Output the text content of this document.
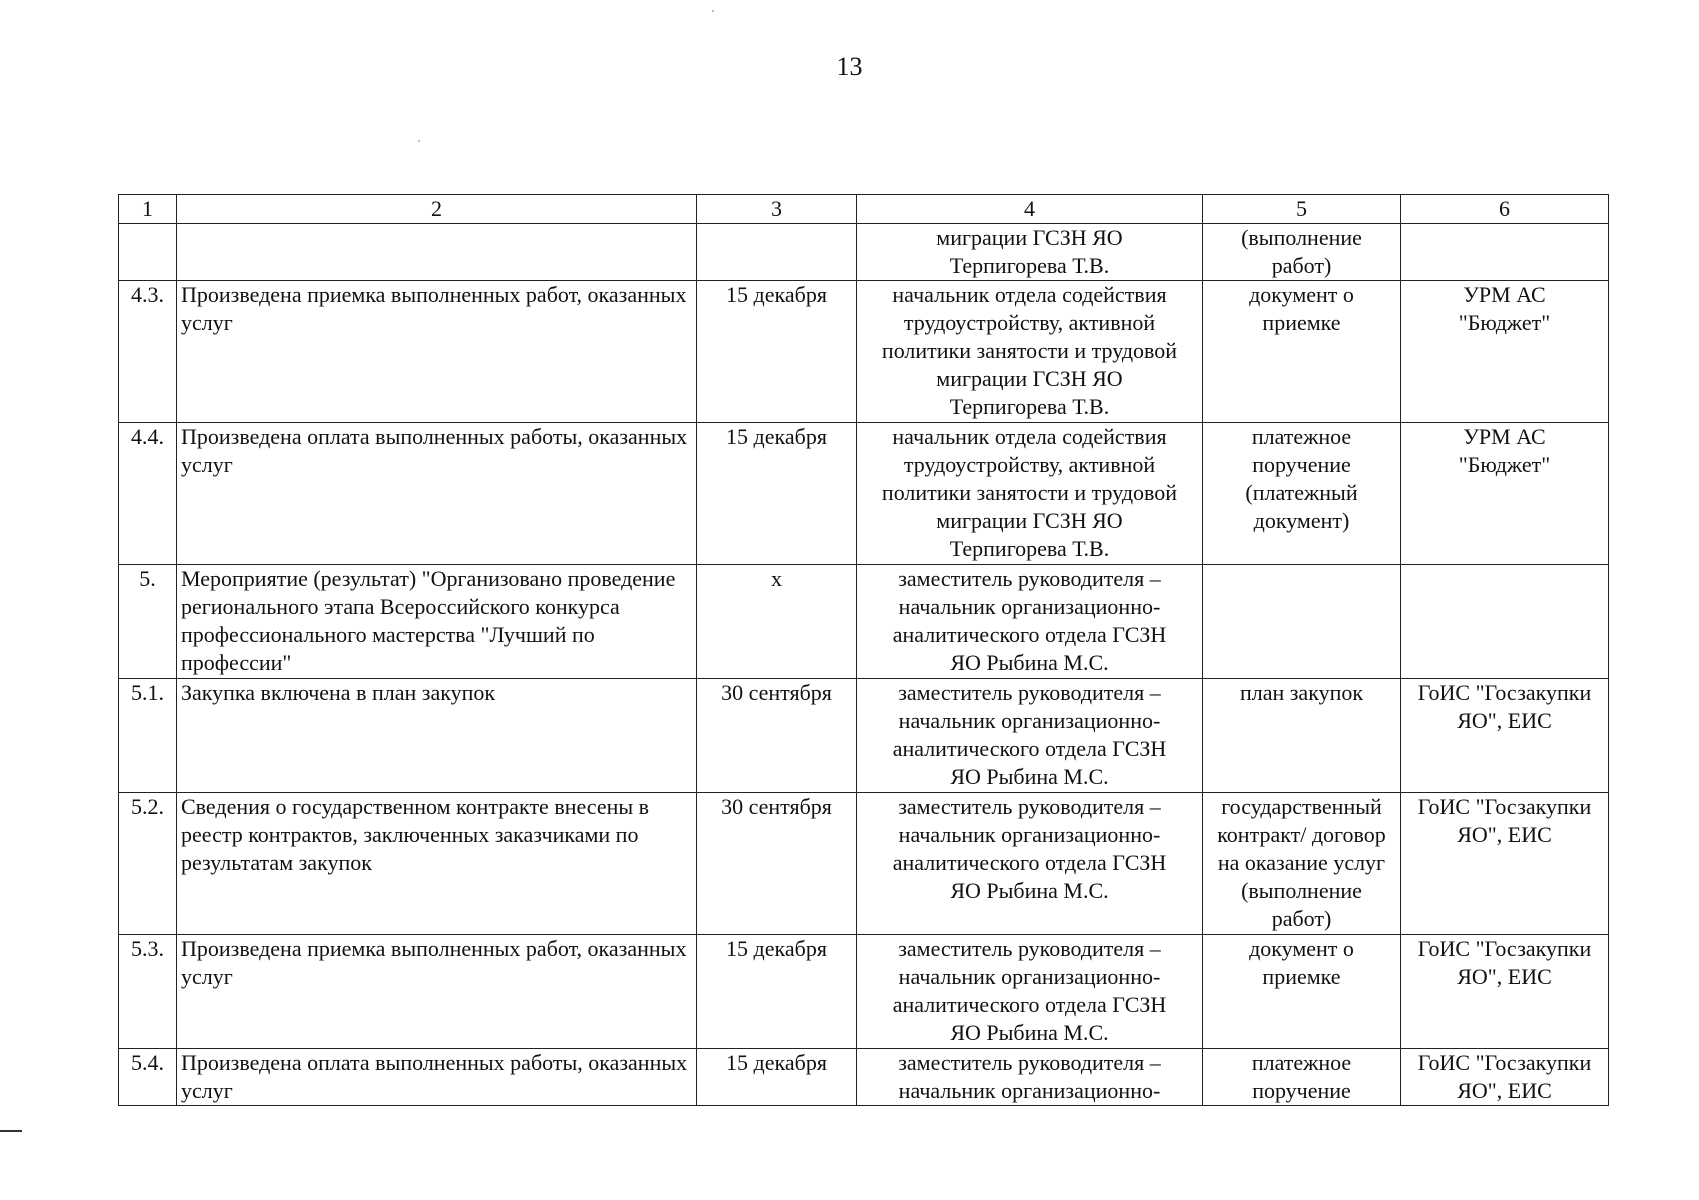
13
1	2	3	4	5	6
			миграции ГСЗН ЯО
Терпигорева Т.В.	(выполнение
работ)	
4.3.	Произведена приемка выполненных работ, оказанных услуг	15 декабря	начальник отдела содействия
трудоустройству, активной
политики занятости и трудовой
миграции ГСЗН ЯО
Терпигорева Т.В.	документ о
приемке	УРМ АС
"Бюджет"
4.4.	Произведена оплата выполненных работы, оказанных услуг	15 декабря	начальник отдела содействия
трудоустройству, активной
политики занятости и трудовой
миграции ГСЗН ЯО
Терпигорева Т.В.	платежное
поручение
(платежный
документ)	УРМ АС
"Бюджет"
5.	Мероприятие (результат) "Организовано проведение регионального этапа Всероссийского конкурса профессионального мастерства "Лучший по профессии"	х	заместитель руководителя –
начальник организационно-
аналитического отдела ГСЗН
ЯО Рыбина М.С.		
5.1.	Закупка включена в план закупок	30 сентября	заместитель руководителя –
начальник организационно-
аналитического отдела ГСЗН
ЯО Рыбина М.С.	план закупок	ГоИС "Госзакупки
ЯО", ЕИС
5.2.	Сведения о государственном контракте внесены в реестр контрактов, заключенных заказчиками по результатам закупок	30 сентября	заместитель руководителя –
начальник организационно-
аналитического отдела ГСЗН
ЯО Рыбина М.С.	государственный
контракт/ договор
на оказание услуг
(выполнение
работ)	ГоИС "Госзакупки
ЯО", ЕИС
5.3.	Произведена приемка выполненных работ, оказанных услуг	15 декабря	заместитель руководителя –
начальник организационно-
аналитического отдела ГСЗН
ЯО Рыбина М.С.	документ о
приемке	ГоИС "Госзакупки
ЯО", ЕИС
5.4.	Произведена оплата выполненных работы, оказанных услуг	15 декабря	заместитель руководителя –
начальник организационно-	платежное
поручение	ГоИС "Госзакупки
ЯО", ЕИС
